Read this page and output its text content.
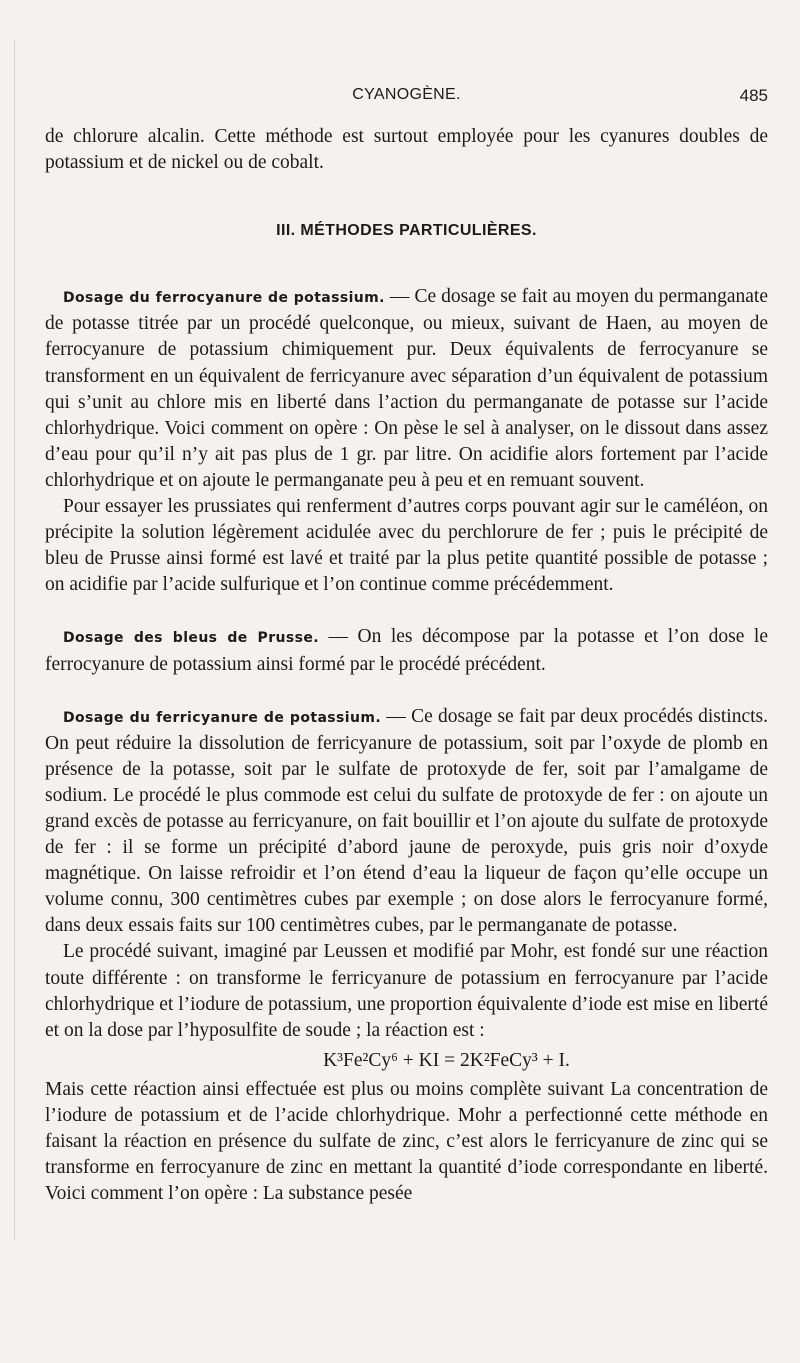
CYANOGÈNE.	485

de chlorure alcalin. Cette méthode est surtout employée pour les cyanures doubles de potassium et de nickel ou de cobalt.

III. MÉTHODES PARTICULIÈRES.

Dosage du ferrocyanure de potassium. — Ce dosage se fait au moyen du permanganate de potasse titrée par un procédé quelconque, ou mieux, suivant de Haen, au moyen de ferrocyanure de potassium chimiquement pur. Deux équivalents de ferrocyanure se transforment en un équivalent de ferricyanure avec séparation d’un équivalent de potassium qui s’unit au chlore mis en liberté dans l’action du permanganate de potasse sur l’acide chlorhydrique. Voici comment on opère : On pèse le sel à analyser, on le dissout dans assez d’eau pour qu’il n’y ait pas plus de 1 gr. par litre. On acidifie alors fortement par l’acide chlorhydrique et on ajoute le permanganate peu à peu et en remuant souvent.

Pour essayer les prussiates qui renferment d’autres corps pouvant agir sur le caméléon, on précipite la solution légèrement acidulée avec du perchlorure de fer ; puis le précipité de bleu de Prusse ainsi formé est lavé et traité par la plus petite quantité possible de potasse ; on acidifie par l’acide sulfurique et l’on continue comme précédemment.

Dosage des bleus de Prusse. — On les décompose par la potasse et l’on dose le ferrocyanure de potassium ainsi formé par le procédé précédent.

Dosage du ferricyanure de potassium. — Ce dosage se fait par deux procédés distincts. On peut réduire la dissolution de ferricyanure de potassium, soit par l’oxyde de plomb en présence de la potasse, soit par le sulfate de protoxyde de fer, soit par l’amalgame de sodium. Le procédé le plus commode est celui du sulfate de protoxyde de fer : on ajoute un grand excès de potasse au ferricyanure, on fait bouillir et l’on ajoute du sulfate de protoxyde de fer : il se forme un précipité d’abord jaune de peroxyde, puis gris noir d’oxyde magnétique. On laisse refroidir et l’on étend d’eau la liqueur de façon qu’elle occupe un volume connu, 300 centimètres cubes par exemple ; on dose alors le ferrocyanure formé, dans deux essais faits sur 100 centimètres cubes, par le permanganate de potasse.

Le procédé suivant, imaginé par Leussen et modifié par Mohr, est fondé sur une réaction toute différente : on transforme le ferricyanure de potassium en ferrocyanure par l’acide chlorhydrique et l’iodure de potassium, une proportion équivalente d’iode est mise en liberté et on la dose par l’hyposulfite de soude ; la réaction est :

K³Fe²Cy⁶ + KI = 2K²FeCy³ + I.

Mais cette réaction ainsi effectuée est plus ou moins complète suivant La concentration de l’iodure de potassium et de l’acide chlorhydrique. Mohr a perfectionné cette méthode en faisant la réaction en présence du sulfate de zinc, c’est alors le ferricyanure de zinc qui se transforme en ferrocyanure de zinc en mettant la quantité d’iode correspondante en liberté. Voici comment l’on opère : La substance pesée
